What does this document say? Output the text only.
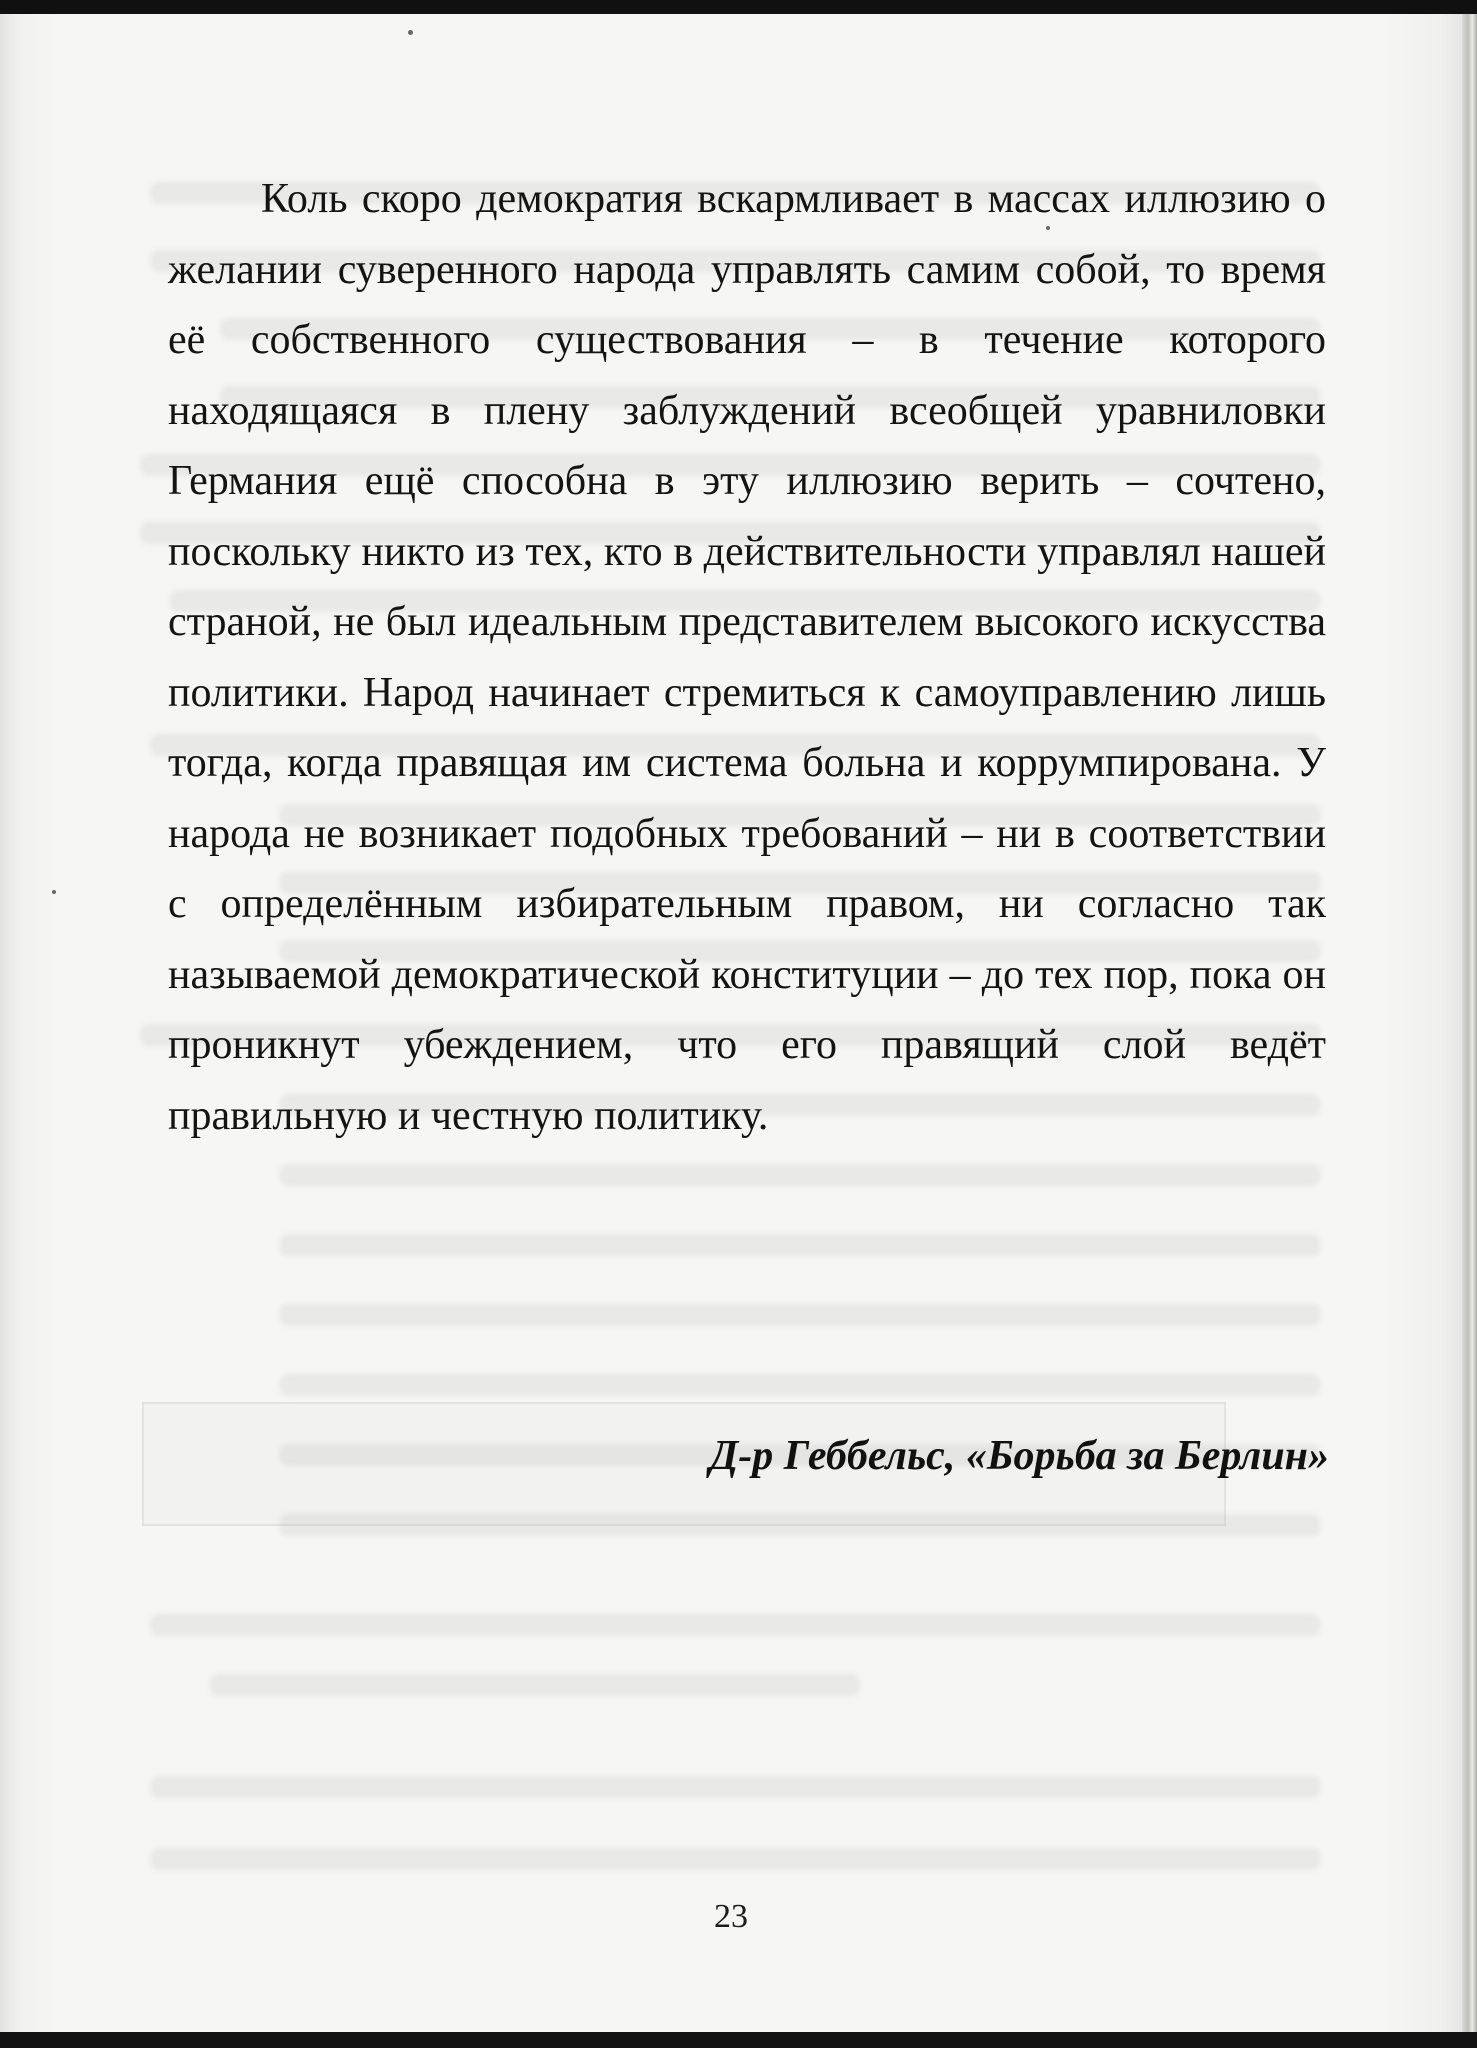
Коль скоро демократия вскармливает в массах иллюзию о желании суверенного народа управлять самим собой, то время её собственного существования – в течение которого находящаяся в плену заблуждений всеобщей уравниловки Германия ещё способна в эту иллюзию верить – сочтено, поскольку никто из тех, кто в действительности управлял нашей страной, не был идеальным представителем высокого искусства политики. Народ начинает стремиться к самоуправлению лишь тогда, когда правящая им система больна и коррумпирована. У народа не возникает подобных требований – ни в соответствии с определённым избирательным правом, ни согласно так называемой демократической конституции – до тех пор, пока он проникнут убеждением, что его правящий слой ведёт правильную и честную политику.

Д-р Геббельс, «Борьба за Берлин»
23
